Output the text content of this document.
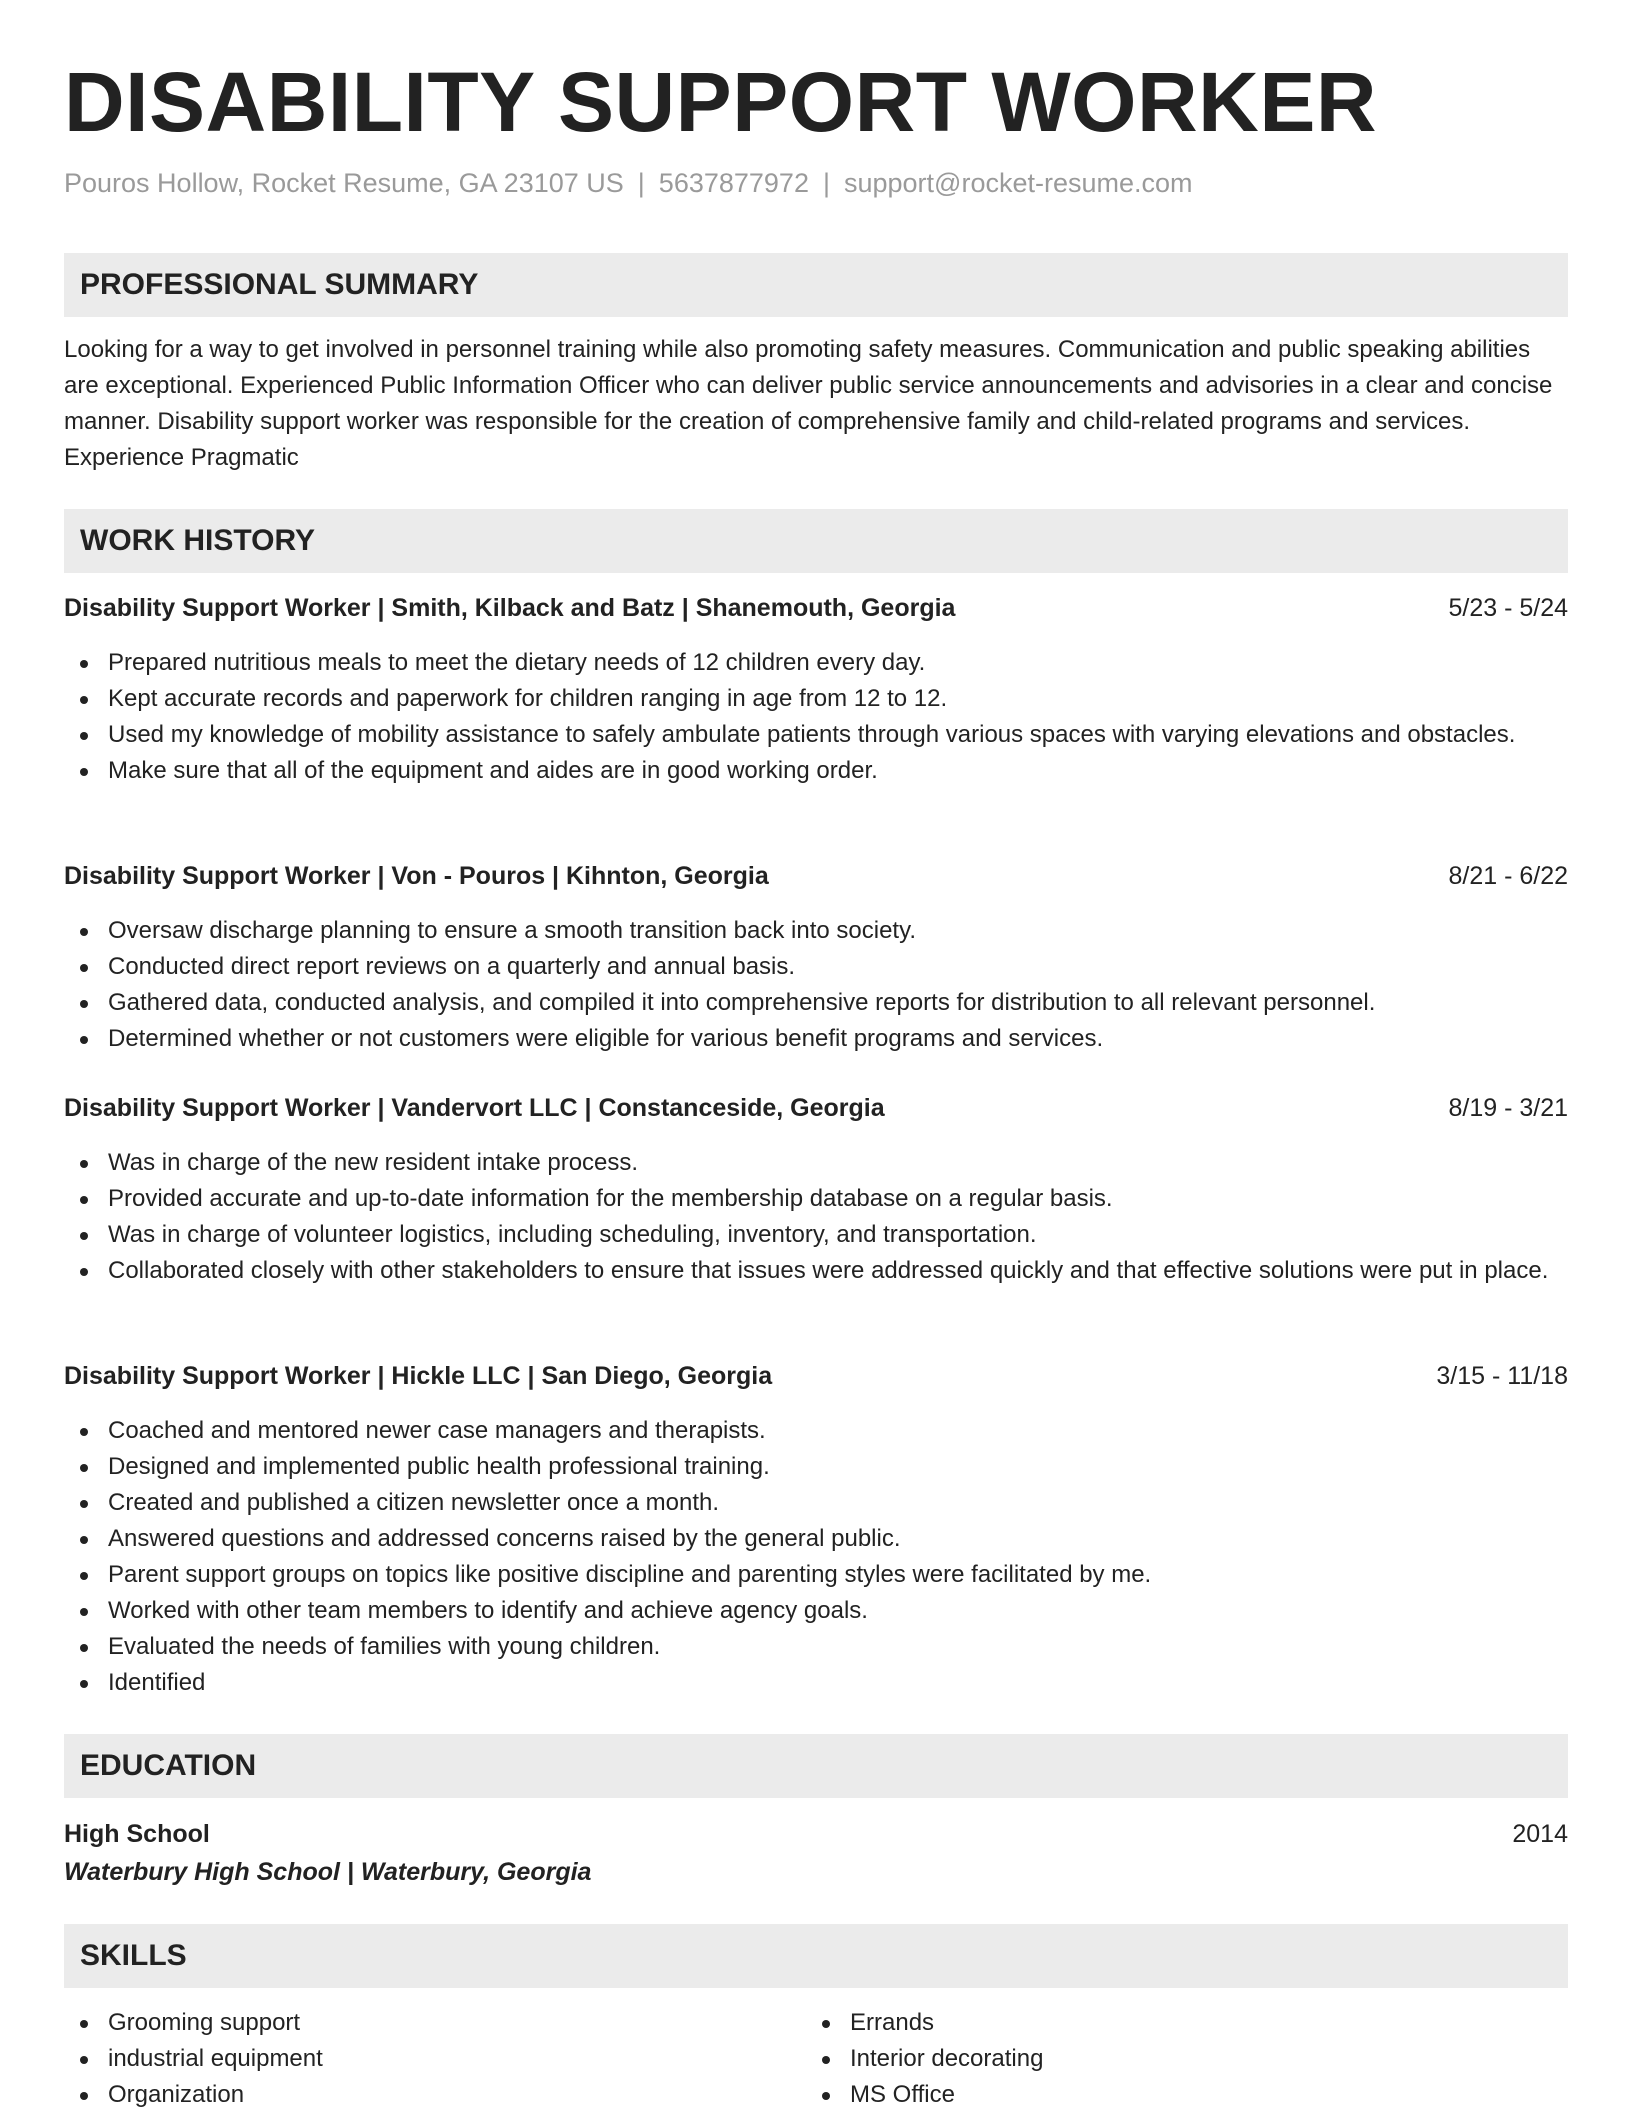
DISABILITY SUPPORT WORKER
Pouros Hollow, Rocket Resume, GA 23107 US | 5637877972 | support@rocket-resume.com
PROFESSIONAL SUMMARY
Looking for a way to get involved in personnel training while also promoting safety measures. Communication and public speaking abilities are exceptional. Experienced Public Information Officer who can deliver public service announcements and advisories in a clear and concise manner. Disability support worker was responsible for the creation of comprehensive family and child-related programs and services. Experience Pragmatic
WORK HISTORY
Disability Support Worker | Smith, Kilback and Batz | Shanemouth, Georgia	5/23 - 5/24
Prepared nutritious meals to meet the dietary needs of 12 children every day.
Kept accurate records and paperwork for children ranging in age from 12 to 12.
Used my knowledge of mobility assistance to safely ambulate patients through various spaces with varying elevations and obstacles.
Make sure that all of the equipment and aides are in good working order.
Disability Support Worker | Von - Pouros | Kihnton, Georgia	8/21 - 6/22
Oversaw discharge planning to ensure a smooth transition back into society.
Conducted direct report reviews on a quarterly and annual basis.
Gathered data, conducted analysis, and compiled it into comprehensive reports for distribution to all relevant personnel.
Determined whether or not customers were eligible for various benefit programs and services.
Disability Support Worker | Vandervort LLC | Constanceside, Georgia	8/19 - 3/21
Was in charge of the new resident intake process.
Provided accurate and up-to-date information for the membership database on a regular basis.
Was in charge of volunteer logistics, including scheduling, inventory, and transportation.
Collaborated closely with other stakeholders to ensure that issues were addressed quickly and that effective solutions were put in place.
Disability Support Worker | Hickle LLC | San Diego, Georgia	3/15 - 11/18
Coached and mentored newer case managers and therapists.
Designed and implemented public health professional training.
Created and published a citizen newsletter once a month.
Answered questions and addressed concerns raised by the general public.
Parent support groups on topics like positive discipline and parenting styles were facilitated by me.
Worked with other team members to identify and achieve agency goals.
Evaluated the needs of families with young children.
Identified
EDUCATION
High School	2014
Waterbury High School | Waterbury, Georgia
SKILLS
Grooming support
industrial equipment
Organization
Errands
Interior decorating
MS Office
